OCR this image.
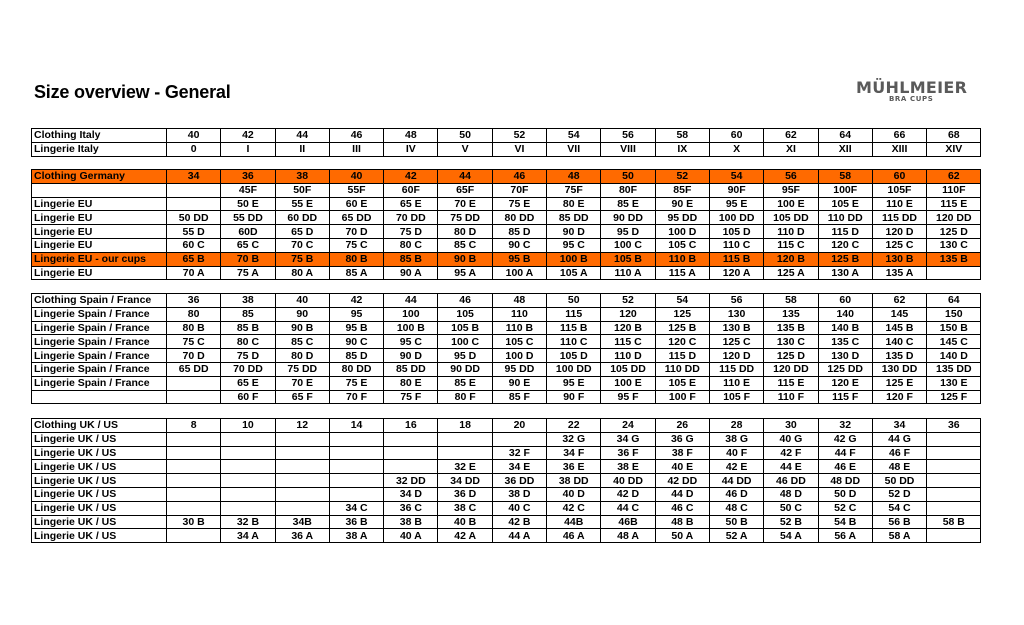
Size overview - General	MÜHLMEIER
BRA CUPS
Clothing Italy	40	42	44	46	48	50	52	54	56	58	60	62	64	66	68
Lingerie Italy	0	I	II	III	IV	V	VI	VII	VIII	IX	X	XI	XII	XIII	XIV
Clothing Germany	34	36	38	40	42	44	46	48	50	52	54	56	58	60	62
		45F	50F	55F	60F	65F	70F	75F	80F	85F	90F	95F	100F	105F	110F
Lingerie EU		50 E	55 E	60 E	65 E	70 E	75 E	80 E	85 E	90 E	95 E	100 E	105 E	110 E	115 E
Lingerie EU	50 DD	55 DD	60 DD	65 DD	70 DD	75 DD	80 DD	85 DD	90 DD	95 DD	100 DD	105 DD	110 DD	115 DD	120 DD
Lingerie EU	55 D	60D	65 D	70 D	75 D	80 D	85 D	90 D	95 D	100 D	105 D	110 D	115 D	120 D	125 D
Lingerie EU	60 C	65 C	70 C	75 C	80 C	85 C	90 C	95 C	100 C	105 C	110 C	115 C	120 C	125 C	130 C
Lingerie EU - our cups	65 B	70 B	75 B	80 B	85 B	90 B	95 B	100 B	105 B	110 B	115 B	120 B	125 B	130 B	135 B
Lingerie EU	70 A	75 A	80 A	85 A	90 A	95 A	100 A	105 A	110 A	115 A	120 A	125 A	130 A	135 A	
Clothing Spain / France	36	38	40	42	44	46	48	50	52	54	56	58	60	62	64
Lingerie Spain / France	80	85	90	95	100	105	110	115	120	125	130	135	140	145	150
Lingerie Spain / France	80 B	85 B	90 B	95 B	100 B	105 B	110 B	115 B	120 B	125 B	130 B	135 B	140 B	145 B	150 B
Lingerie Spain / France	75 C	80 C	85 C	90 C	95 C	100 C	105 C	110 C	115 C	120 C	125 C	130 C	135 C	140 C	145 C
Lingerie Spain / France	70 D	75 D	80 D	85 D	90 D	95 D	100 D	105 D	110 D	115 D	120 D	125 D	130 D	135 D	140 D
Lingerie Spain / France	65 DD	70 DD	75 DD	80 DD	85 DD	90 DD	95 DD	100 DD	105 DD	110 DD	115 DD	120 DD	125 DD	130 DD	135 DD
Lingerie Spain / France		65 E	70 E	75 E	80 E	85 E	90 E	95 E	100 E	105 E	110 E	115 E	120 E	125 E	130 E
		60 F	65 F	70 F	75 F	80 F	85 F	90 F	95 F	100 F	105 F	110 F	115 F	120 F	125 F
Clothing UK / US	8	10	12	14	16	18	20	22	24	26	28	30	32	34	36
Lingerie UK / US								32 G	34 G	36 G	38 G	40 G	42 G	44 G	
Lingerie UK / US							32 F	34 F	36 F	38 F	40 F	42 F	44 F	46 F	
Lingerie UK / US						32 E	34 E	36 E	38 E	40 E	42 E	44 E	46 E	48 E	
Lingerie UK / US					32 DD	34 DD	36 DD	38 DD	40 DD	42 DD	44 DD	46 DD	48 DD	50 DD	
Lingerie UK / US					34 D	36 D	38 D	40 D	42 D	44 D	46 D	48 D	50 D	52 D	
Lingerie UK / US				34 C	36 C	38 C	40 C	42 C	44 C	46 C	48 C	50 C	52 C	54 C	
Lingerie UK / US	30 B	32 B	34B	36 B	38 B	40 B	42 B	44B	46B	48 B	50 B	52 B	54 B	56 B	58 B
Lingerie UK / US		34 A	36 A	38 A	40 A	42 A	44 A	46 A	48 A	50 A	52 A	54 A	56 A	58 A	
